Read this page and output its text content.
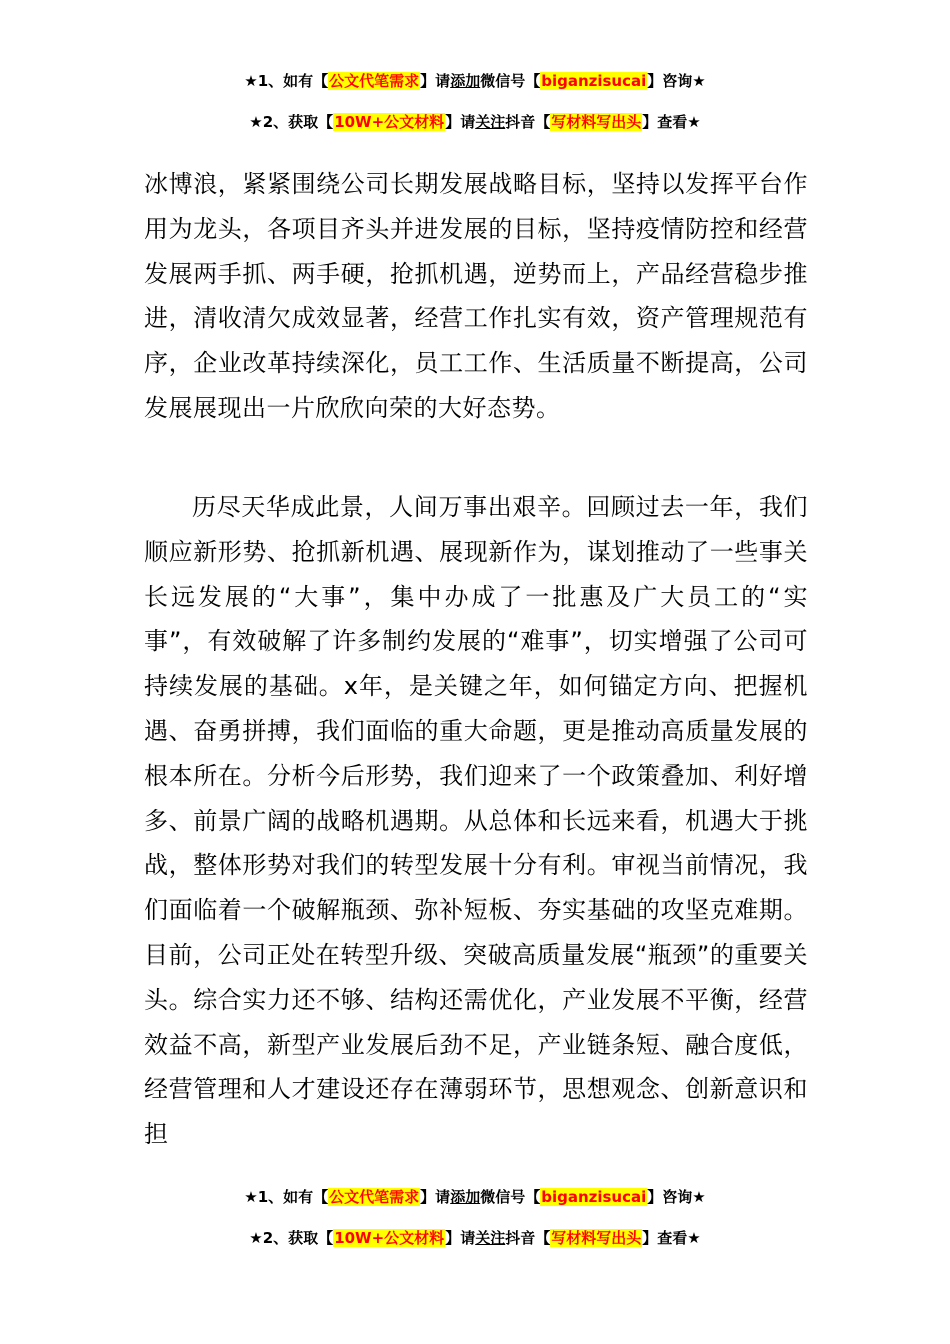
★1、如有【公文代笔需求】请添加微信号【biganzisucai】咨询★
★2、获取【10W+公文材料】请关注抖音【写材料写出头】查看★
冰博浪，紧紧围绕公司长期发展战略目标，坚持以发挥平台作用为龙头，各项目齐头并进发展的目标，坚持疫情防控和经营发展两手抓、两手硬，抢抓机遇，逆势而上，产品经营稳步推进，清收清欠成效显著，经营工作扎实有效，资产管理规范有序，企业改革持续深化，员工工作、生活质量不断提高，公司发展展现出一片欣欣向荣的大好态势。
历尽天华成此景，人间万事出艰辛。回顾过去一年，我们顺应新形势、抢抓新机遇、展现新作为，谋划推动了一些事关长远发展的“大事”，集中办成了一批惠及广大员工的“实事”，有效破解了许多制约发展的“难事”，切实增强了公司可持续发展的基础。x年，是关键之年，如何锚定方向、把握机遇、奋勇拼搏，我们面临的重大命题，更是推动高质量发展的根本所在。分析今后形势，我们迎来了一个政策叠加、利好增多、前景广阔的战略机遇期。从总体和长远来看，机遇大于挑战，整体形势对我们的转型发展十分有利。审视当前情况，我们面临着一个破解瓶颈、弥补短板、夯实基础的攻坚克难期。目前，公司正处在转型升级、突破高质量发展“瓶颈”的重要关头。综合实力还不够、结构还需优化，产业发展不平衡，经营效益不高，新型产业发展后劲不足，产业链条短、融合度低，经营管理和人才建设还存在薄弱环节，思想观念、创新意识和担
★1、如有【公文代笔需求】请添加微信号【biganzisucai】咨询★
★2、获取【10W+公文材料】请关注抖音【写材料写出头】查看★
